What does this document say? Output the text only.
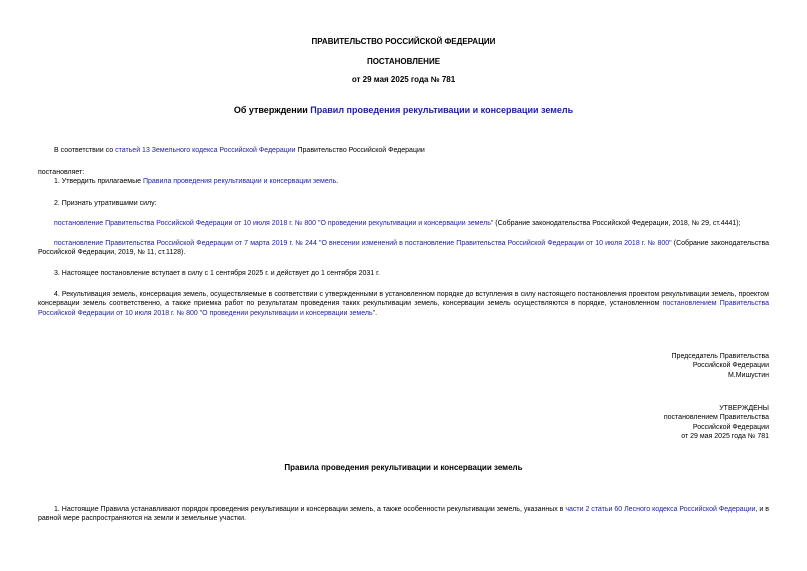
ПРАВИТЕЛЬСТВО РОССИЙСКОЙ ФЕДЕРАЦИИ
ПОСТАНОВЛЕНИЕ
от 29 мая 2025 года № 781
Об утверждении Правил проведения рекультивации и консервации земель
В соответствии со статьей 13 Земельного кодекса Российской Федерации Правительство Российской Федерации
постановляет:
1. Утвердить прилагаемые Правила проведения рекультивации и консервации земель.
2. Признать утратившими силу:
постановление Правительства Российской Федерации от 10 июля 2018 г. № 800 "О проведении рекультивации и консервации земель" (Собрание законодательства Российской Федерации, 2018, № 29, ст.4441);
постановление Правительства Российской Федерации от 7 марта 2019 г. № 244 "О внесении изменений в постановление Правительства Российской Федерации от 10 июля 2018 г. № 800" (Собрание законодательства Российской Федерации, 2019, № 11, ст.1128).
3. Настоящее постановление вступает в силу с 1 сентября 2025 г. и действует до 1 сентября 2031 г.
4. Рекультивация земель, консервация земель, осуществляемые в соответствии с утвержденными в установленном порядке до вступления в силу настоящего постановления проектом рекультивации земель, проектом консервации земель соответственно, а также приемка работ по результатам проведения таких рекультивации земель, консервации земель осуществляются в порядке, установленном постановлением Правительства Российской Федерации от 10 июля 2018 г. № 800 "О проведении рекультивации и консервации земель".
Председатель Правительства
Российской Федерации
М.Мишустин
УТВЕРЖДЕНЫ
постановлением Правительства
Российской Федерации
от 29 мая 2025 года № 781
Правила проведения рекультивации и консервации земель
1. Настоящие Правила устанавливают порядок проведения рекультивации и консервации земель, а также особенности рекультивации земель, указанных в части 2 статьи 60 Лесного кодекса Российской Федерации, и в равной мере распространяются на земли и земельные участки.
